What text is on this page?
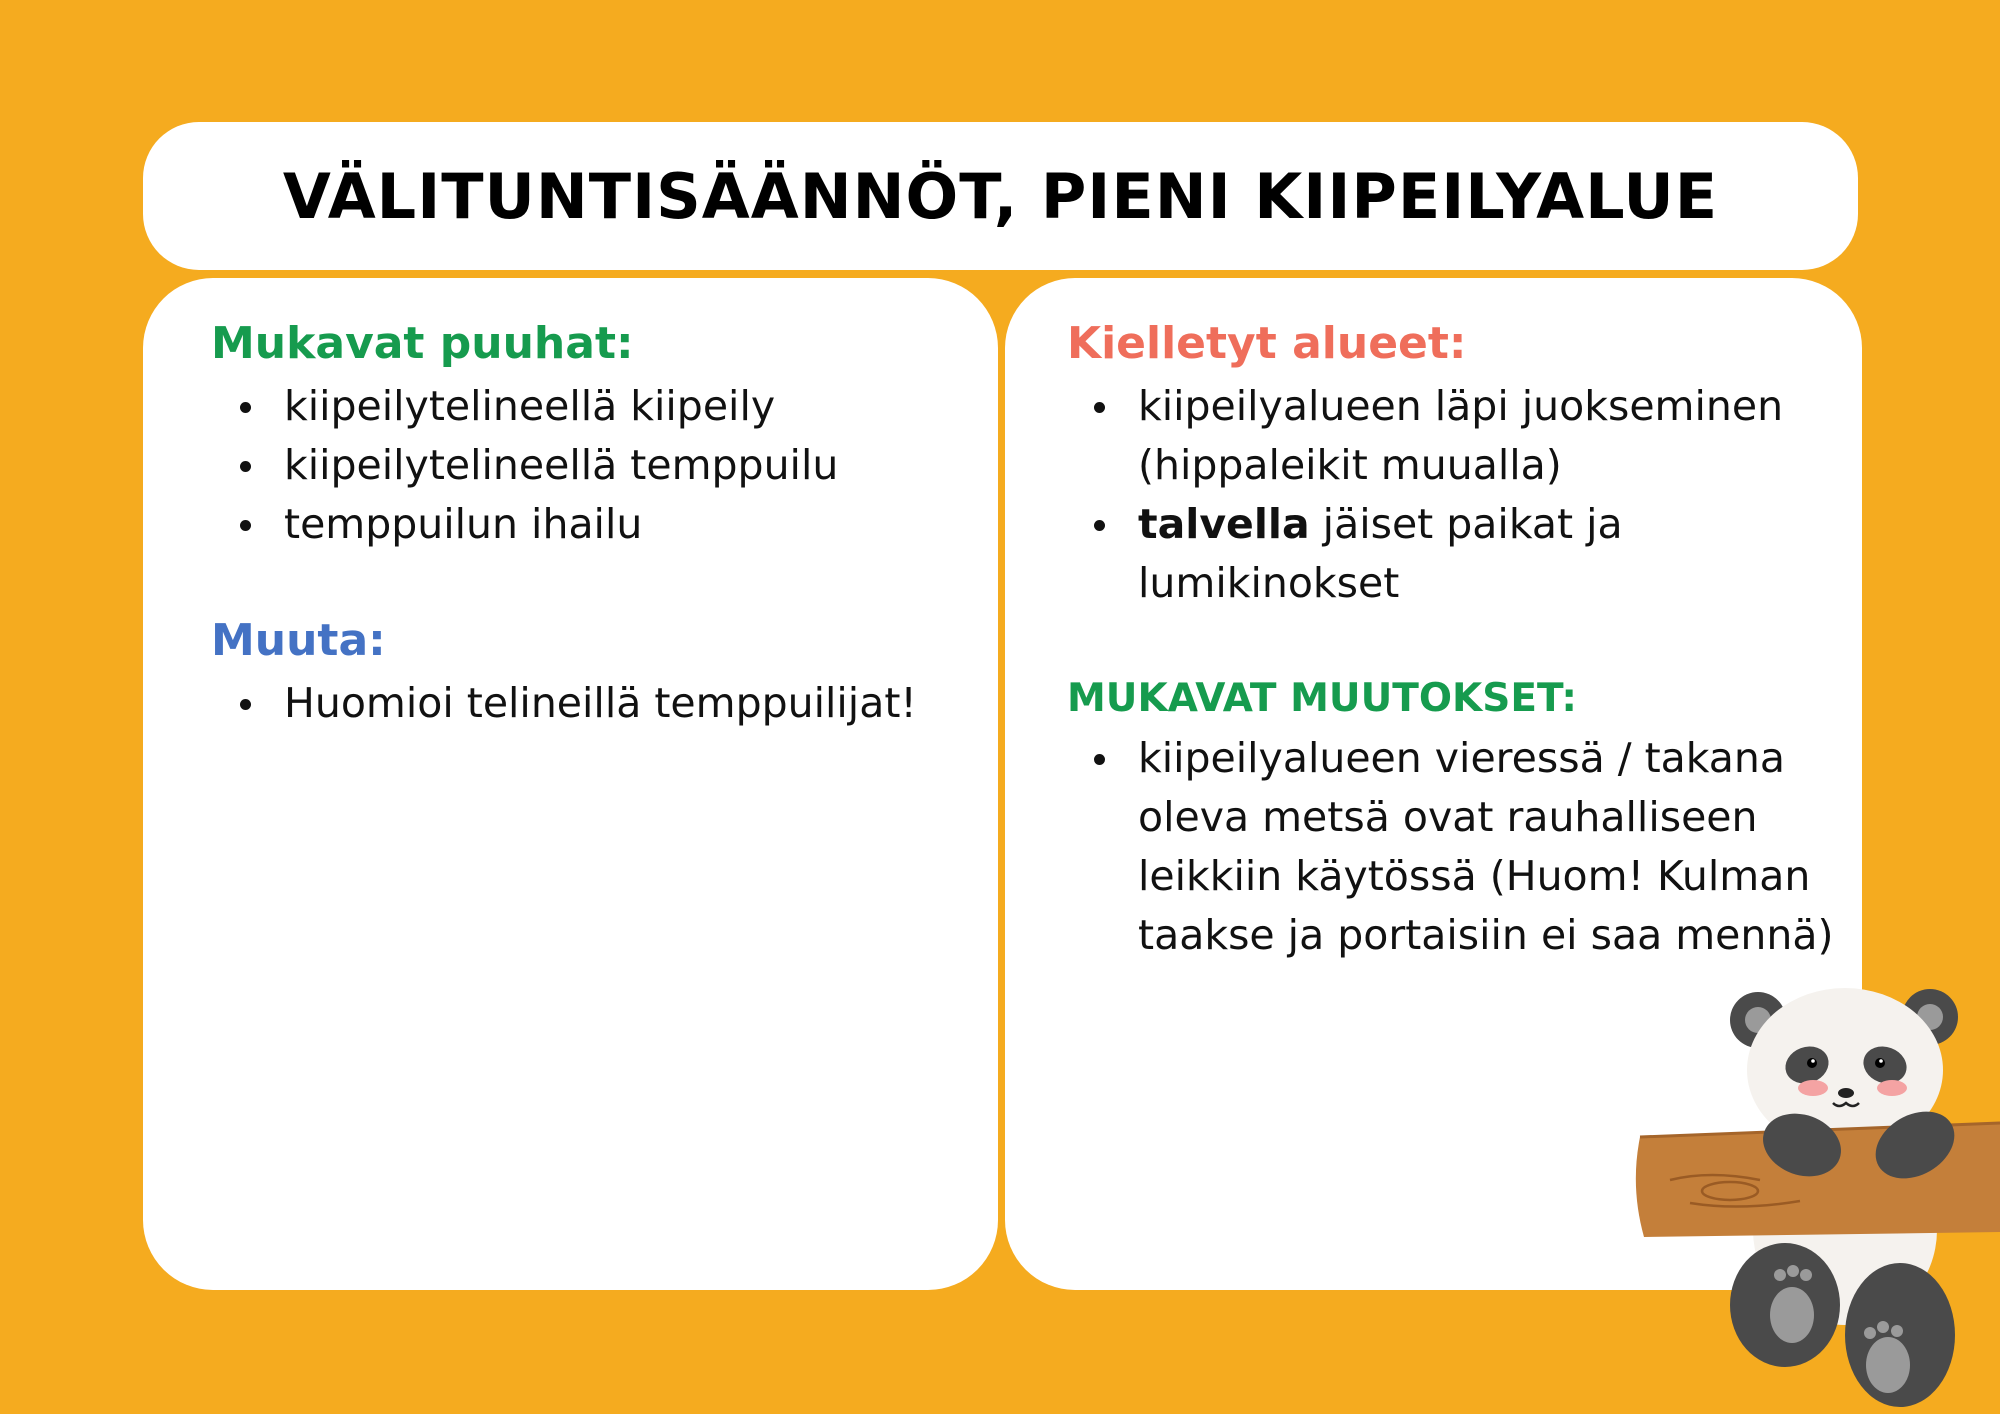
VÄLITUNTISÄÄNNÖT, PIENI KIIPEILYALUE
Mukavat puuhat:
kiipeilytelineellä kiipeily
kiipeilytelineellä temppuilu
temppuilun ihailu
Muuta:
Huomioi telineillä temppuilijat!
Kielletyt alueet:
kiipeilyalueen läpi juokseminen
(hippaleikit muualla)
talvella jäiset paikat ja
lumikinokset
MUKAVAT MUUTOKSET:
kiipeilyalueen vieressä / takana
oleva metsä ovat rauhalliseen
leikkiin käytössä (Huom! Kulman
taakse ja portaisiin ei saa mennä)
